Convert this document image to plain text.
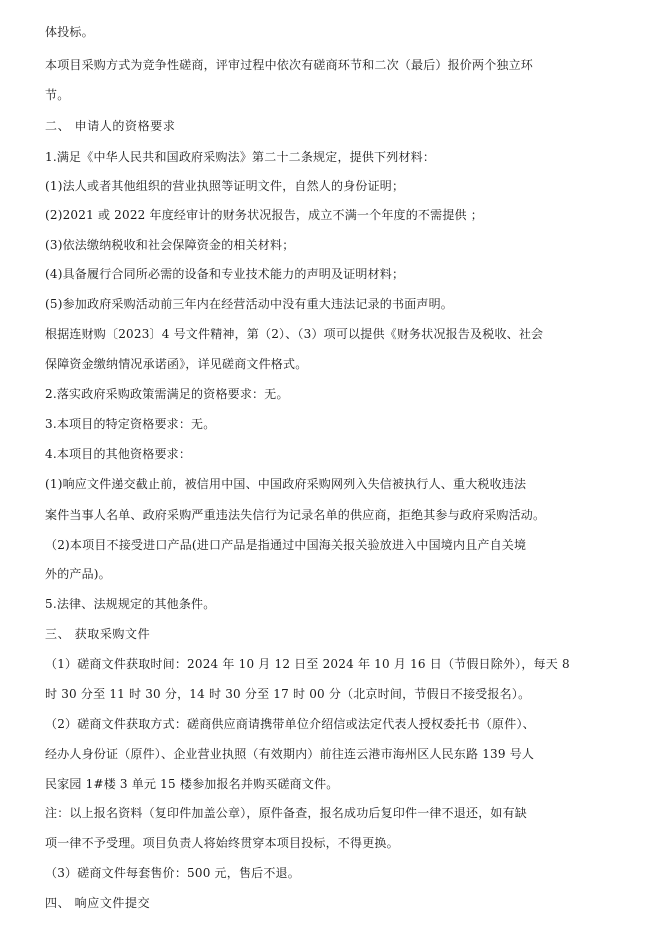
体投标。
本项目采购方式为竞争性磋商，评审过程中依次有磋商环节和二次（最后）报价两个独立环
节。
二、 申请人的资格要求
1.满足《中华人民共和国政府采购法》第二十二条规定，提供下列材料：
(1)法人或者其他组织的营业执照等证明文件，自然人的身份证明；
(2)2021 或 2022 年度经审计的财务状况报告，成立不满一个年度的不需提供 ；
(3)依法缴纳税收和社会保障资金的相关材料；
(4)具备履行合同所必需的设备和专业技术能力的声明及证明材料；
(5)参加政府采购活动前三年内在经营活动中没有重大违法记录的书面声明。
根据连财购〔2023〕4 号文件精神，第（2）、（3）项可以提供《财务状况报告及税收、社会
保障资金缴纳情况承诺函》，详见磋商文件格式。
2.落实政府采购政策需满足的资格要求：无。
3.本项目的特定资格要求：无。
4.本项目的其他资格要求：
(1)响应文件递交截止前，被信用中国、中国政府采购网列入失信被执行人、重大税收违法
案件当事人名单、政府采购严重违法失信行为记录名单的供应商，拒绝其参与政府采购活动。
（2)本项目不接受进口产品(进口产品是指通过中国海关报关验放进入中国境内且产自关境
外的产品)。
5.法律、法规规定的其他条件。
三、 获取采购文件
（1）磋商文件获取时间：2024 年 10 月 12 日至 2024 年 10 月 16 日（节假日除外），每天 8
时 30 分至 11 时 30 分，14 时 30 分至 17 时 00 分（北京时间，节假日不接受报名）。
（2）磋商文件获取方式：磋商供应商请携带单位介绍信或法定代表人授权委托书（原件）、
经办人身份证（原件）、企业营业执照（有效期内）前往连云港市海州区人民东路 139 号人
民家园 1#楼 3 单元 15 楼参加报名并购买磋商文件。
注：以上报名资料（复印件加盖公章），原件备查，报名成功后复印件一律不退还，如有缺
项一律不予受理。项目负责人将始终贯穿本项目投标，不得更换。
（3）磋商文件每套售价：500 元，售后不退。
四、 响应文件提交
